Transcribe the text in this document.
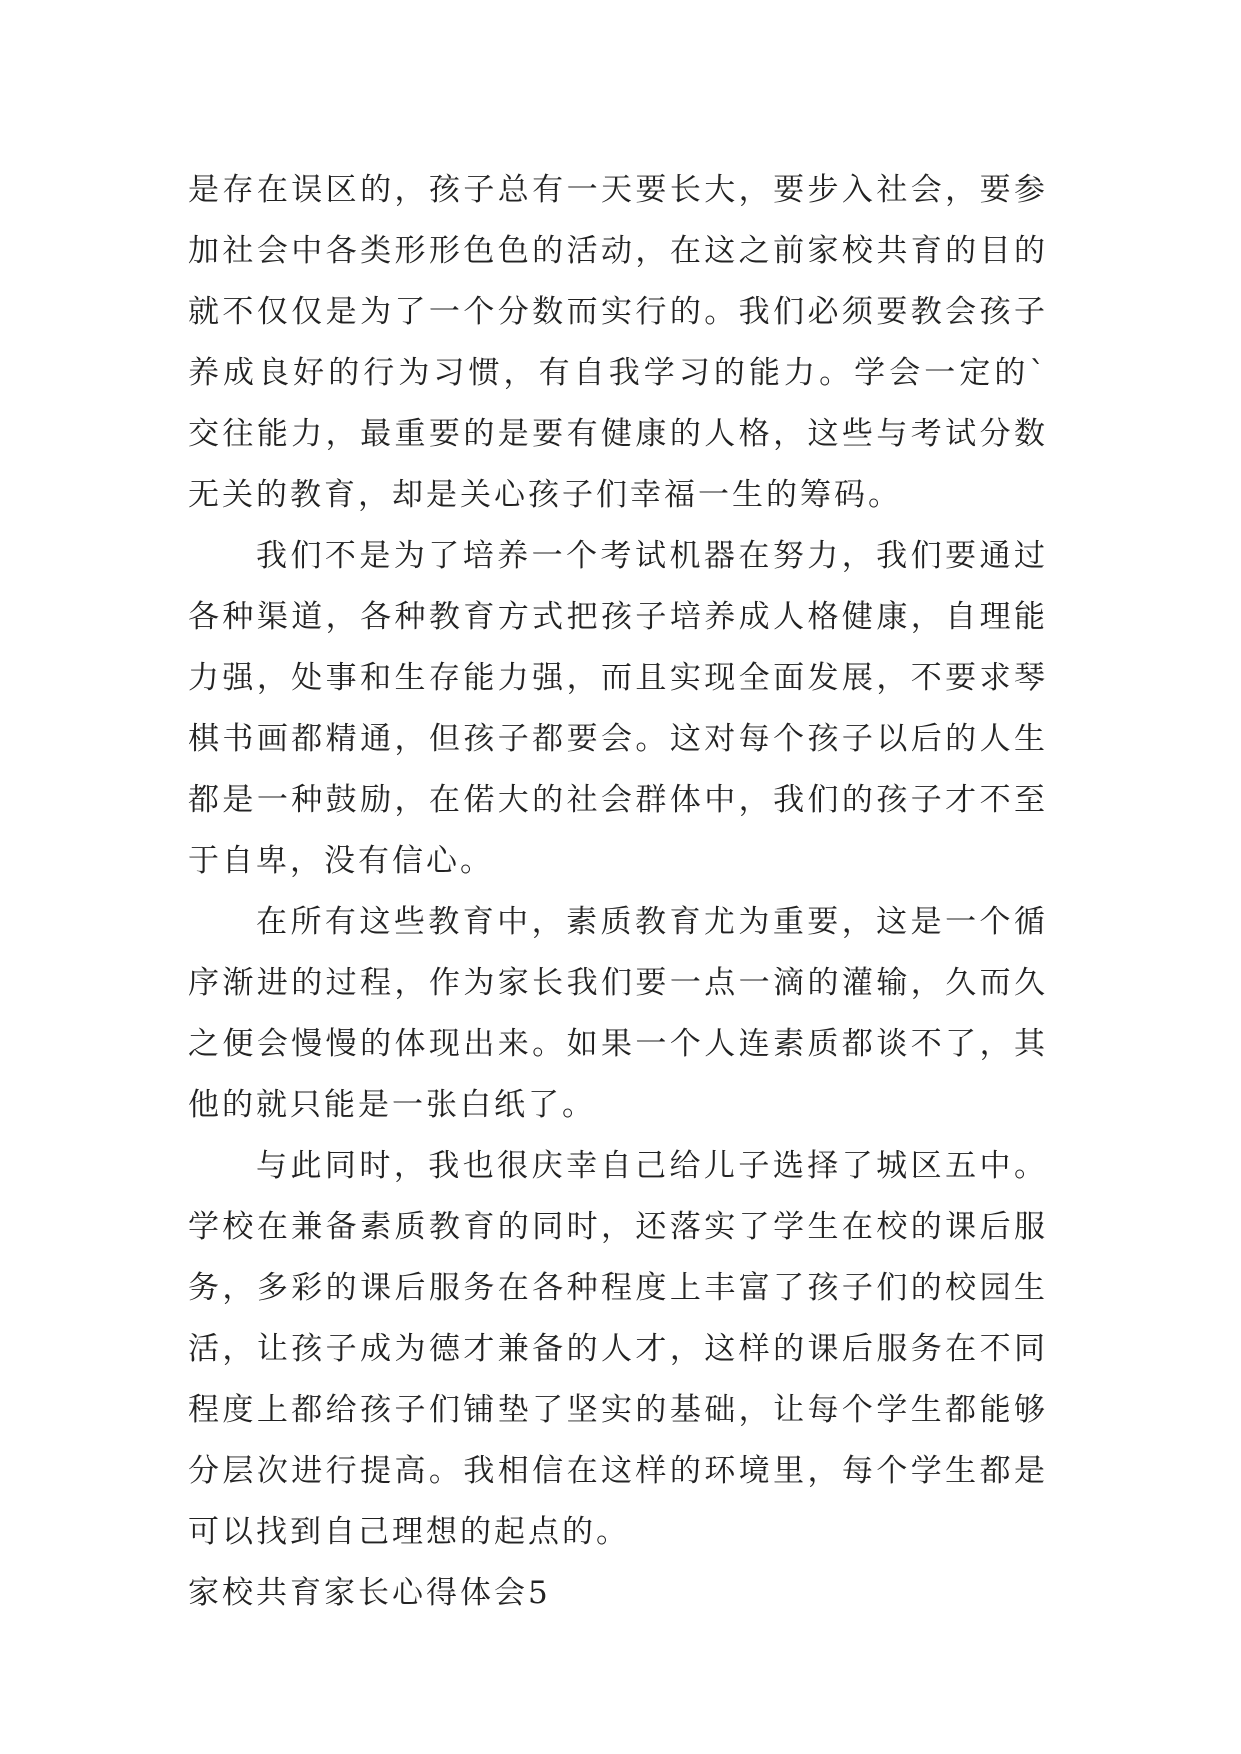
是存在误区的，孩子总有一天要长大，要步入社会，要参加社会中各类形形色色的活动，在这之前家校共育的目的就不仅仅是为了一个分数而实行的。我们必须要教会孩子养成良好的行为习惯，有自我学习的能力。学会一定的`交往能力，最重要的是要有健康的人格，这些与考试分数无关的教育，却是关心孩子们幸福一生的筹码。

我们不是为了培养一个考试机器在努力，我们要通过各种渠道，各种教育方式把孩子培养成人格健康，自理能力强，处事和生存能力强，而且实现全面发展，不要求琴棋书画都精通，但孩子都要会。这对每个孩子以后的人生都是一种鼓励，在偌大的社会群体中，我们的孩子才不至于自卑，没有信心。

在所有这些教育中，素质教育尤为重要，这是一个循序渐进的过程，作为家长我们要一点一滴的灌输，久而久之便会慢慢的体现出来。如果一个人连素质都谈不了，其他的就只能是一张白纸了。

与此同时，我也很庆幸自己给儿子选择了城区五中。学校在兼备素质教育的同时，还落实了学生在校的课后服务，多彩的课后服务在各种程度上丰富了孩子们的校园生活，让孩子成为德才兼备的人才，这样的课后服务在不同程度上都给孩子们铺垫了坚实的基础，让每个学生都能够分层次进行提高。我相信在这样的环境里，每个学生都是可以找到自己理想的起点的。

家校共育家长心得体会5
